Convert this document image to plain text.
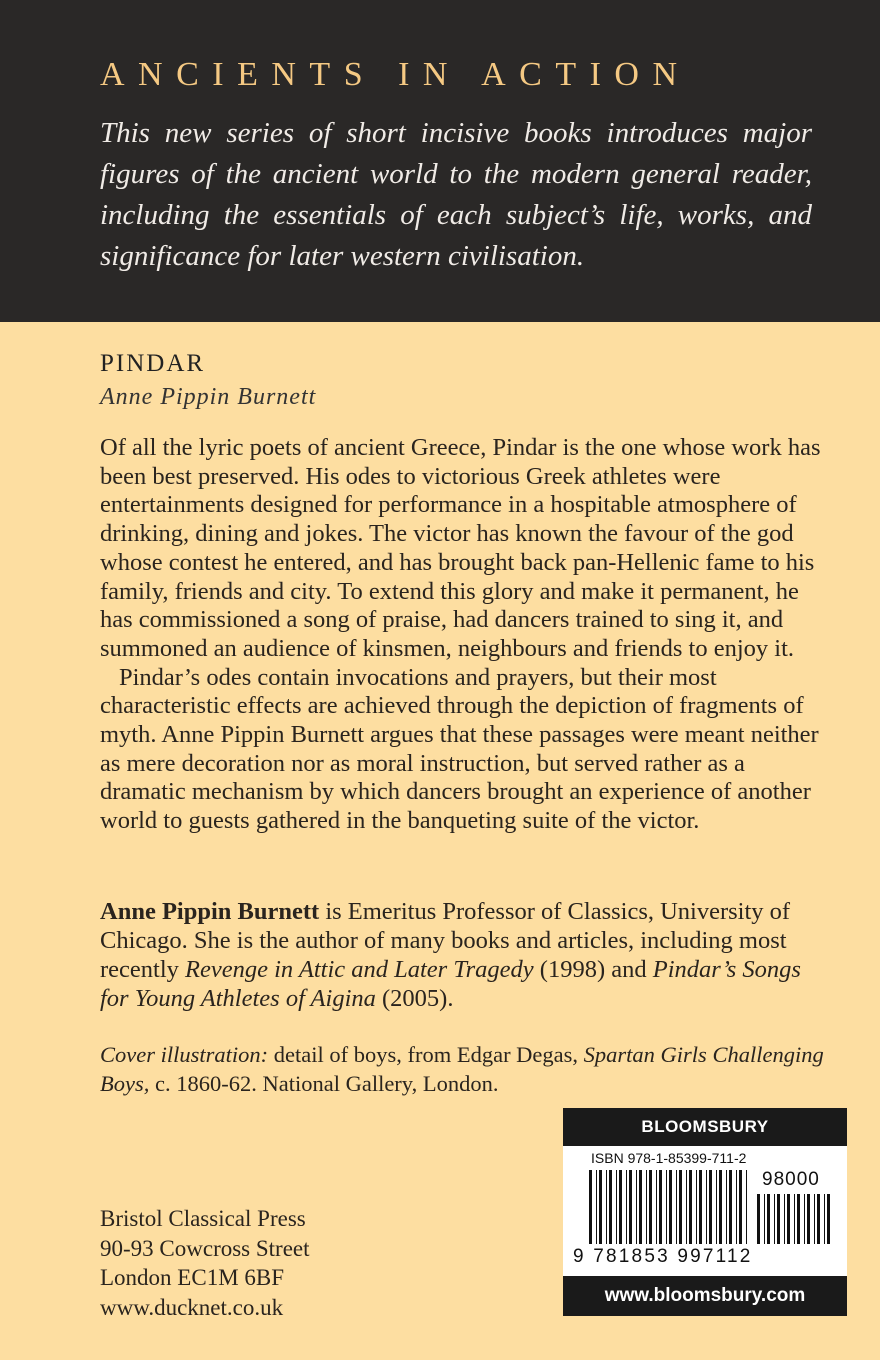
ANCIENTS IN ACTION

This new series of short incisive books introduces major figures of the ancient world to the modern general reader, including the essentials of each subject’s life, works, and significance for later western civilisation.

PINDAR
Anne Pippin Burnett

Of all the lyric poets of ancient Greece, Pindar is the one whose work has been best preserved. His odes to victorious Greek athletes were entertainments designed for performance in a hospitable atmosphere of drinking, dining and jokes. The victor has known the favour of the god whose contest he entered, and has brought back pan-Hellenic fame to his family, friends and city. To extend this glory and make it permanent, he has commissioned a song of praise, had dancers trained to sing it, and summoned an audience of kinsmen, neighbours and friends to enjoy it.

Pindar’s odes contain invocations and prayers, but their most characteristic effects are achieved through the depiction of fragments of myth. Anne Pippin Burnett argues that these passages were meant neither as mere decoration nor as moral instruction, but served rather as a dramatic mechanism by which dancers brought an experience of another world to guests gathered in the banqueting suite of the victor.

Anne Pippin Burnett is Emeritus Professor of Classics, University of Chicago. She is the author of many books and articles, including most recently Revenge in Attic and Later Tragedy (1998) and Pindar’s Songs for Young Athletes of Aigina (2005).

Cover illustration: detail of boys, from Edgar Degas, Spartan Girls Challenging Boys, c. 1860-62. National Gallery, London.

Bristol Classical Press
90-93 Cowcross Street
London EC1M 6BF
www.ducknet.co.uk
BLOOMSBURY
ISBN 978-1-85399-711-2
98000
9 781853 997112
www.bloomsbury.com
